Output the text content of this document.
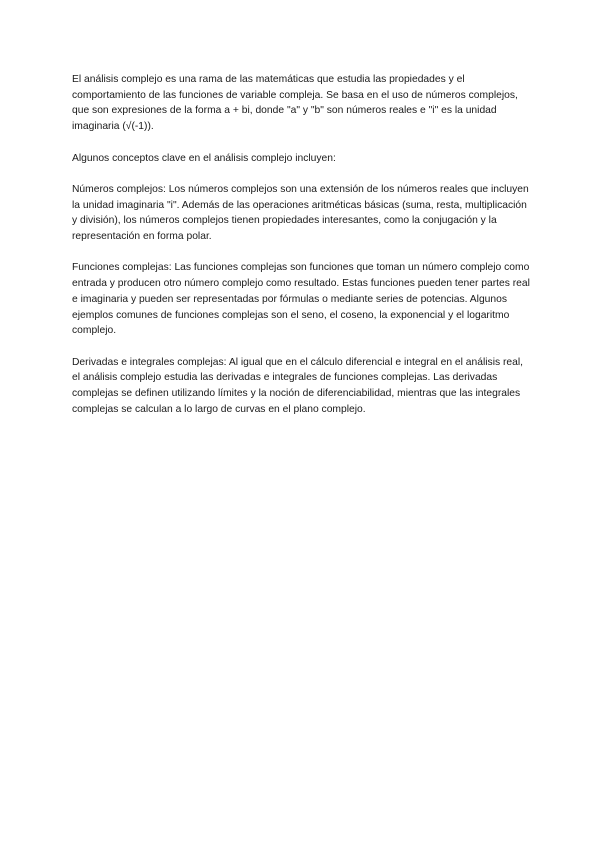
El análisis complejo es una rama de las matemáticas que estudia las propiedades y el comportamiento de las funciones de variable compleja. Se basa en el uso de números complejos, que son expresiones de la forma a + bi, donde "a" y "b" son números reales e "i" es la unidad imaginaria (√(-1)).

Algunos conceptos clave en el análisis complejo incluyen:

Números complejos: Los números complejos son una extensión de los números reales que incluyen la unidad imaginaria "i". Además de las operaciones aritméticas básicas (suma, resta, multiplicación y división), los números complejos tienen propiedades interesantes, como la conjugación y la representación en forma polar.

Funciones complejas: Las funciones complejas son funciones que toman un número complejo como entrada y producen otro número complejo como resultado. Estas funciones pueden tener partes real e imaginaria y pueden ser representadas por fórmulas o mediante series de potencias. Algunos ejemplos comunes de funciones complejas son el seno, el coseno, la exponencial y el logaritmo complejo.

Derivadas e integrales complejas: Al igual que en el cálculo diferencial e integral en el análisis real, el análisis complejo estudia las derivadas e integrales de funciones complejas. Las derivadas complejas se definen utilizando límites y la noción de diferenciabilidad, mientras que las integrales complejas se calculan a lo largo de curvas en el plano complejo.
